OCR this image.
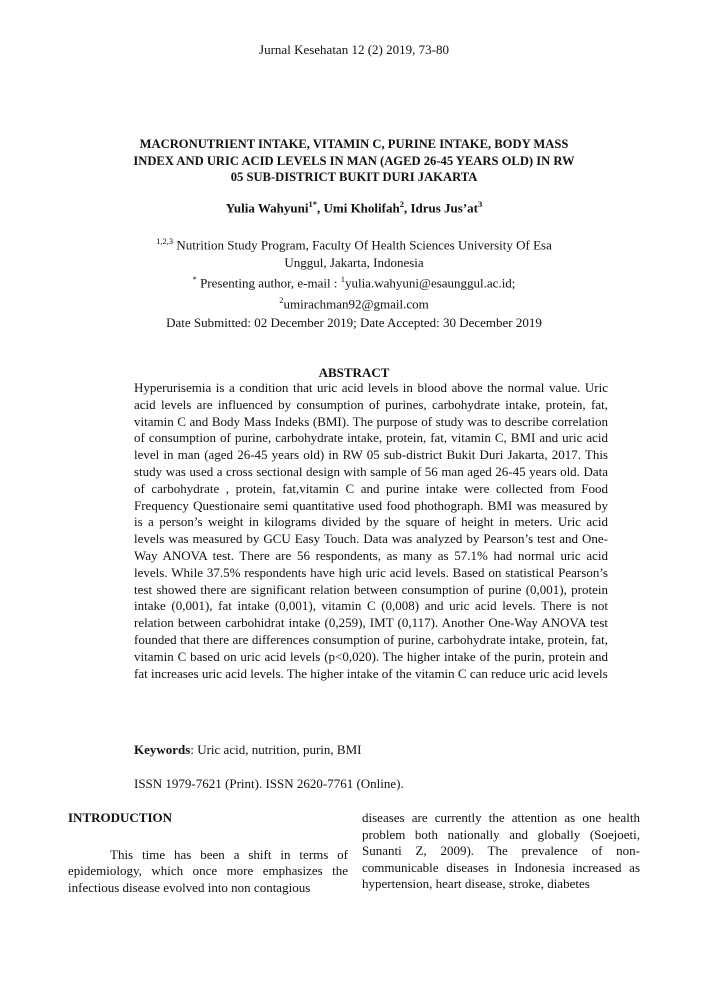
Jurnal Kesehatan 12 (2) 2019, 73-80
MACRONUTRIENT INTAKE, VITAMIN C, PURINE INTAKE, BODY MASS INDEX AND URIC ACID LEVELS IN MAN (AGED 26-45 YEARS OLD) IN RW 05 SUB-DISTRICT BUKIT DURI JAKARTA
Yulia Wahyuni$^{1*}$, Umi Kholifah$^2$, Idrus $Jus’at^3$
$^{1,2,3}$ Nutrition Study Program, Faculty Of Health Sciences University Of Esa Unggul, Jakarta, Indonesia
* Presenting author, e-mail : $^1$yulia.wahyuni@esaunggul.ac.id;
$^2$umirachman92@gmail.com
Date Submitted: 02 December 2019; Date Accepted: 30 December 2019
ABSTRACT
Hyperurisemia is a condition that uric acid levels in blood above the normal value. Uric acid levels are influenced by consumption of purines, carbohydrate intake, protein, fat, vitamin C and Body Mass Indeks (BMI). The purpose of study was to describe correlation of consumption of purine, carbohydrate intake, protein, fat, vitamin C, BMI and uric acid level in man (aged 26-45 years old) in RW 05 sub-district Bukit Duri Jakarta, 2017. This study was used a cross sectional design with sample of 56 man aged 26-45 years old. Data of carbohydrate , protein, fat,vitamin C and purine intake were collected from Food Frequency Questionaire semi quantitative used food phothograph. BMI was measured by is a person’s weight in kilograms divided by the square of height in meters. Uric acid levels was measured by GCU Easy Touch. Data was analyzed by Pearson’s test and One-Way ANOVA test. There are 56 respondents, as many as 57.1% had normal uric acid levels. While 37.5% respondents have high uric acid levels. Based on statistical Pearson’s test showed there are significant relation between consumption of purine (0,001), protein intake (0,001), fat intake (0,001), vitamin C (0,008) and uric acid levels. There is not relation between carbohidrat intake (0,259), IMT (0,117). Another One-Way ANOVA test founded that there are differences consumption of purine, carbohydrate intake, protein, fat, vitamin C based on uric acid levels (p<0,020). The higher intake of the purin, protein and fat increases uric acid levels. The higher intake of the vitamin C can reduce uric acid levels
Keywords: Uric acid, nutrition, purin, BMI
ISSN 1979-7621 (Print). ISSN 2620-7761 (Online).
INTRODUCTION

This time has been a shift in terms of epidemiology, which once more emphasizes the infectious disease evolved into non contagious

diseases are currently the attention as one health problem both nationally and globally (Soejoeti, Sunanti Z, 2009). The prevalence of non-communicable diseases in Indonesia increased as hypertension, heart disease, stroke, diabetes
